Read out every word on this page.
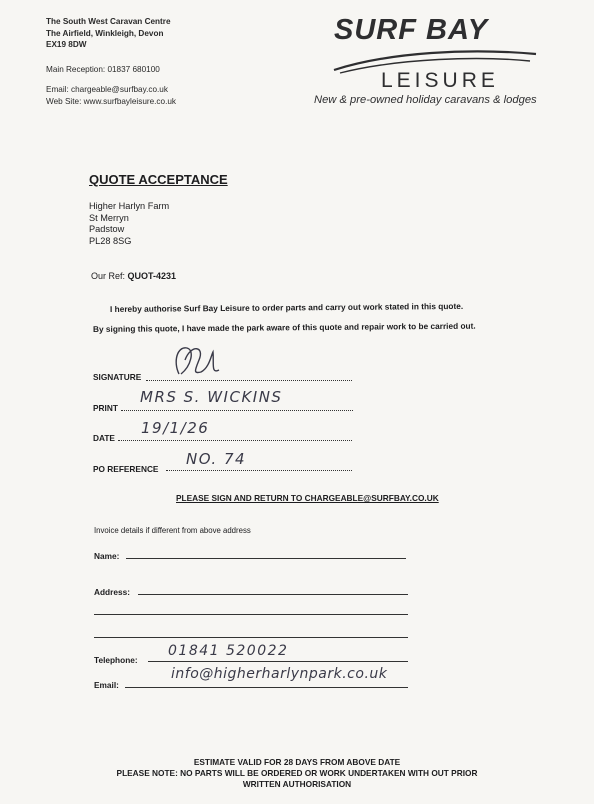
The South West Caravan Centre
The Airfield, Winkleigh, Devon
EX19 8DW
Main Reception: 01837 680100
Email: chargeable@surfbay.co.uk
Web Site: www.surfbayleisure.co.uk
SURF BAY
LEISURE
New & pre-owned holiday caravans & lodges
QUOTE ACCEPTANCE
Higher Harlyn Farm
St Merryn
Padstow
PL28 8SG
Our Ref: QUOT-4231
I hereby authorise Surf Bay Leisure to order parts and carry out work stated in this quote.
By signing this quote, I have made the park aware of this quote and repair work to be carried out.
SIGNATURE
PRINT
MRS S. WICKINS
DATE
19/1/26
PO REFERENCE
NO. 74
PLEASE SIGN AND RETURN TO CHARGEABLE@SURFBAY.CO.UK
Invoice details if different from above address
Name:
Address:
Telephone:
01841 520022
Email:
info@higherharlynpark.co.uk
ESTIMATE VALID FOR 28 DAYS FROM ABOVE DATE
PLEASE NOTE: NO PARTS WILL BE ORDERED OR WORK UNDERTAKEN WITH OUT PRIOR
WRITTEN AUTHORISATION
